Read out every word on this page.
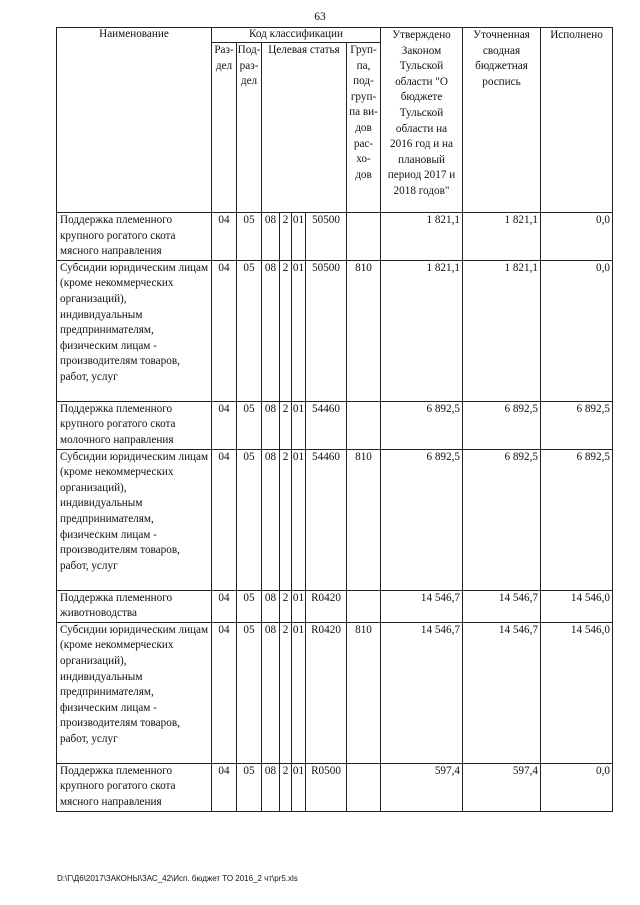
63
Наименование	Код классификации							Утверждено Законом Тульской области "О бюджете Тульской области на 2016 год и на плановый период 2017 и 2018 годов"	Уточненная сводная бюджетная роспись	Исполнено
	Раз-дел	Под-раз-дел	Целевая статья				Груп-па, под-груп-па ви-дов рас-хо-дов			
Поддержка племенного крупного рогатого скота мясного направления	04	05	08	2	01	50500		1 821,1	1 821,1	0,0
Субсидии юридическим лицам (кроме некоммерческих организаций), индивидуальным предпринимателям, физическим лицам - производителям товаров, работ, услуг	04	05	08	2	01	50500	810	1 821,1	1 821,1	0,0
Поддержка племенного крупного рогатого скота молочного направления	04	05	08	2	01	54460		6 892,5	6 892,5	6 892,5
Субсидии юридическим лицам (кроме некоммерческих организаций), индивидуальным предпринимателям, физическим лицам - производителям товаров, работ, услуг	04	05	08	2	01	54460	810	6 892,5	6 892,5	6 892,5
Поддержка племенного животноводства	04	05	08	2	01	R0420		14 546,7	14 546,7	14 546,0
Субсидии юридическим лицам (кроме некоммерческих организаций), индивидуальным предпринимателям, физическим лицам - производителям товаров, работ, услуг	04	05	08	2	01	R0420	810	14 546,7	14 546,7	14 546,0
Поддержка племенного крупного рогатого скота мясного направления	04	05	08	2	01	R0500		597,4	597,4	0,0
D:\Г\Д6\2017\ЗАКОНЫ\ЗАС_42\Исп. бюджет ТО 2016_2 чт\pr5.xls
